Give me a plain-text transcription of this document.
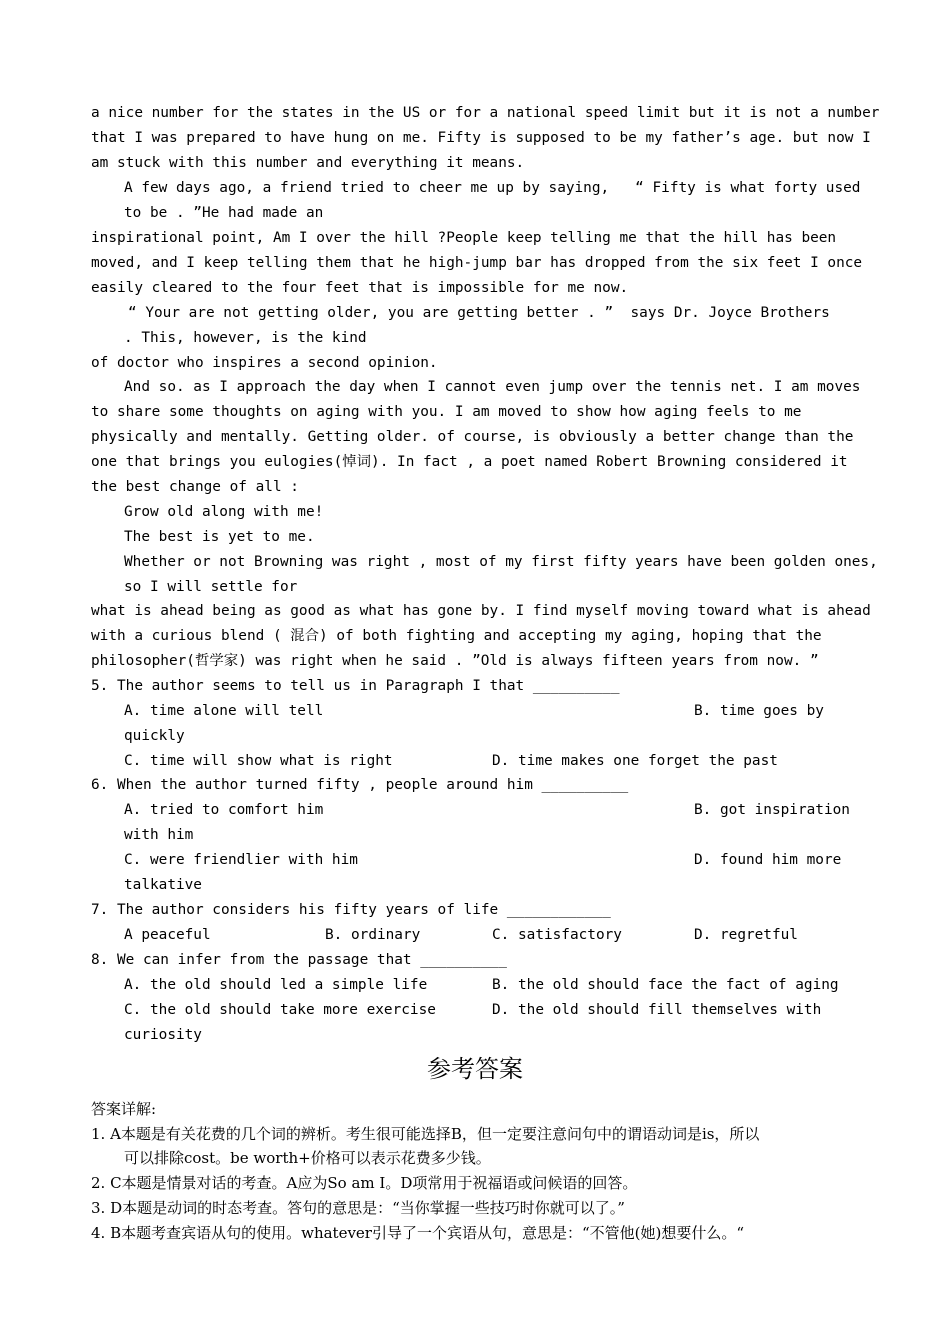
a nice number for the states in the US or for a national speed limit but it is not a number
that I was prepared to have hung on me. Fifty is supposed to be my father’s age. but now I
am stuck with this number and everything it means.
A few days ago, a friend tried to cheer me up by saying,   “ Fifty is what forty used
to be . ”He had made an
inspirational point, Am I over the hill ?People keep telling me that the hill has been
moved, and I keep telling them that he high-jump bar has dropped from the six feet I once
easily cleared to the four feet that is impossible for me now.
“ Your are not getting older, you are getting better . ”  says Dr. Joyce Brothers
. This, however, is the kind
of doctor who inspires a second opinion.
And so. as I approach the day when I cannot even jump over the tennis net. I am moves
to share some thoughts on aging with you. I am moved to show how aging feels to me
physically and mentally. Getting older. of course, is obviously a better change than the
one that brings you eulogies(悼词). In fact , a poet named Robert Browning considered it
the best change of all :
Grow old along with me!
The best is yet to me.
Whether or not Browning was right , most of my first fifty years have been golden ones,
so I will settle for
what is ahead being as good as what has gone by. I find myself moving toward what is ahead
with a curious blend ( 混合) of both fighting and accepting my aging, hoping that the
philosopher(哲学家) was right when he said . ”Old is always fifteen years from now. ”
5. The author seems to tell us in Paragraph I that __________
A. time alone will tell	B. time goes by
quickly
C. time will show what is right	D. time makes one forget the past
6. When the author turned fifty , people around him __________
A. tried to comfort him	B. got inspiration
with him
C. were friendlier with him	D. found him more
talkative
7. The author considers his fifty years of life ____________
A peaceful	B. ordinary	C. satisfactory	D. regretful
8. We can infer from the passage that __________
A. the old should led a simple life	B. the old should face the fact of aging
C. the old should take more exercise	D. the old should fill themselves with
curiosity
参考答案
答案详解:
1. A本题是有关花费的几个词的辨析。考生很可能选择B，但一定要注意问句中的谓语动词是is，所以
可以排除cost。be worth+价格可以表示花费多少钱。
2. C本题是情景对话的考查。A应为So am I。D项常用于祝福语或问候语的回答。
3. D本题是动词的时态考查。答句的意思是：“当你掌握一些技巧时你就可以了。”
4. B本题考查宾语从句的使用。whatever引导了一个宾语从句，意思是：“不管他(她)想要什么。“
